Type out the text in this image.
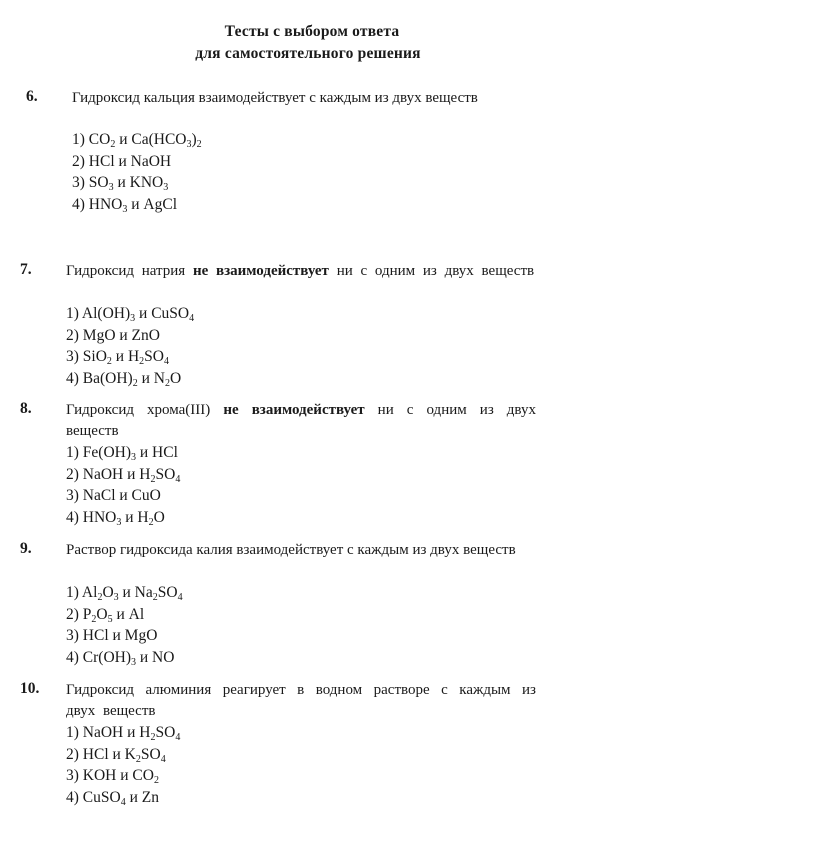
Тесты с выбором ответа
для самостоятельного решения
6. Гидроксид кальция взаимодействует с каждым из двух веществ
1) $CO_2$ и $Ca(HCO_3)_2$
2) HCl и NaOH
3) $SO_3$ и $KNO_3$
4) $HNO_3$ и AgCl
7. Гидроксид натрия не взаимодействует ни с одним из двух веществ
1) $Al(OH)_3$ и CuSO$_4$
2) MgO и ZnO
3) SiO$_2$ и $H_2SO_4$
4) $Ba(OH)_2$ и $N_2O$
8. Гидроксид хрома(III) не взаимодействует ни с одним из двух веществ
1) $Fe(OH)_3$ и HCl
2) NaOH и $H_2SO_4$
3) NaCl и CuO
4) $HNO_3$ и $H_2O$
9. Раствор гидроксида калия взаимодействует с каждым из двух веществ
1) $Al_2O_3$ и $Na_2SO_4$
2) $P_2O_5$ и Al
3) HCl и MgO
4) $Cr(OH)_3$ и NO
10. Гидроксид алюминия реагирует в водном растворе с каждым из двух веществ
1) NaOH и $H_2SO_4$
2) HCl и $K_2SO_4$
3) KOH и $CO_2$
4) CuSO$_4$ и Zn
